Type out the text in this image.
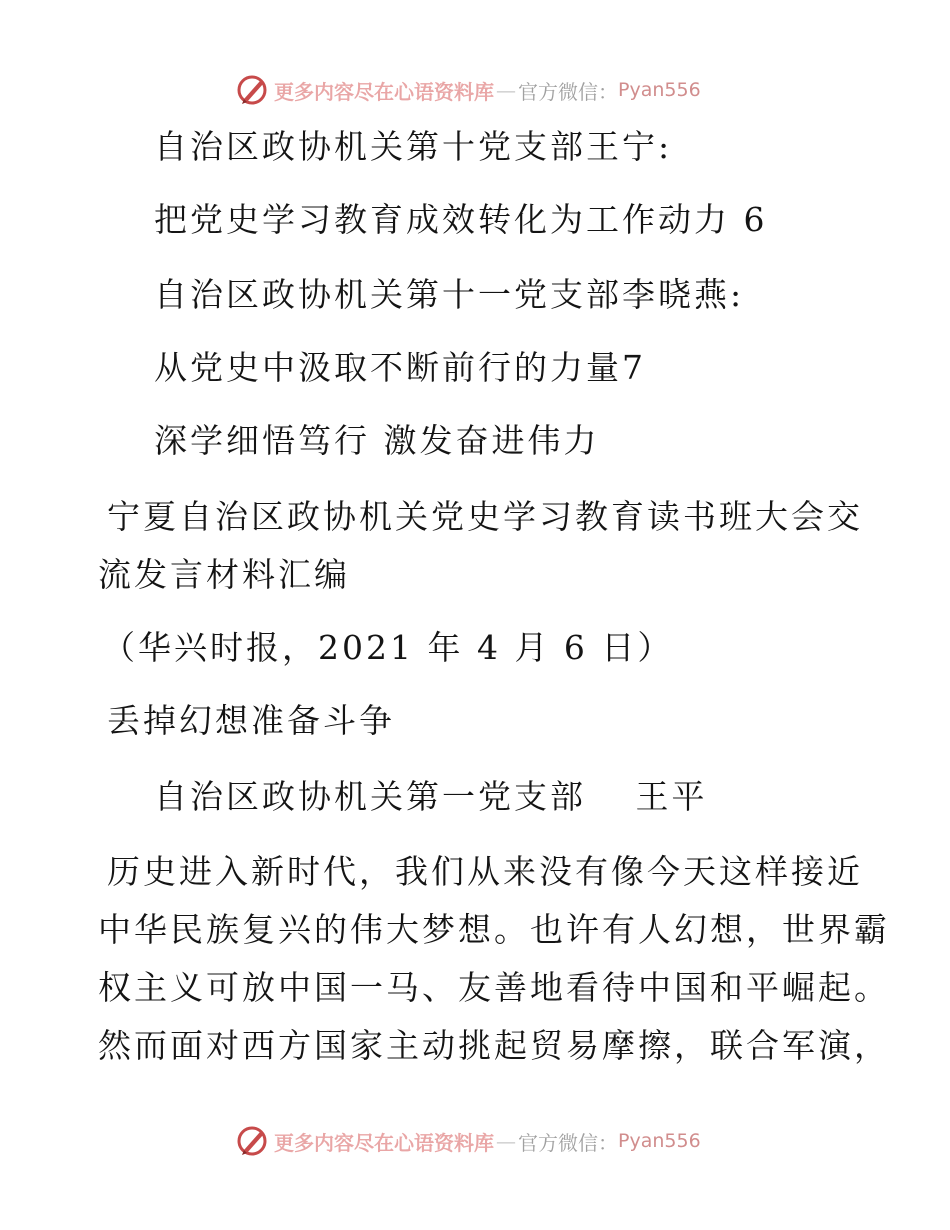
更多内容尽在心语资料库 — 官方微信： Pyan556
自治区政协机关第十党支部王宁:
把党史学习教育成效转化为工作动力 6
自治区政协机关第十一党支部李晓燕:
从党史中汲取不断前行的力量7
深学细悟笃行 激发奋进伟力
宁夏自治区政协机关党史学习教育读书班大会交
流发言材料汇编
（华兴时报，2021 年 4 月 6 日）
丢掉幻想准备斗争
自治区政协机关第一党支部　 王平
历史进入新时代，我们从来没有像今天这样接近
中华民族复兴的伟大梦想。也许有人幻想，世界霸
权主义可放中国一马、友善地看待中国和平崛起。
然而面对西方国家主动挑起贸易摩擦，联合军演，
更多内容尽在心语资料库 — 官方微信： Pyan556
